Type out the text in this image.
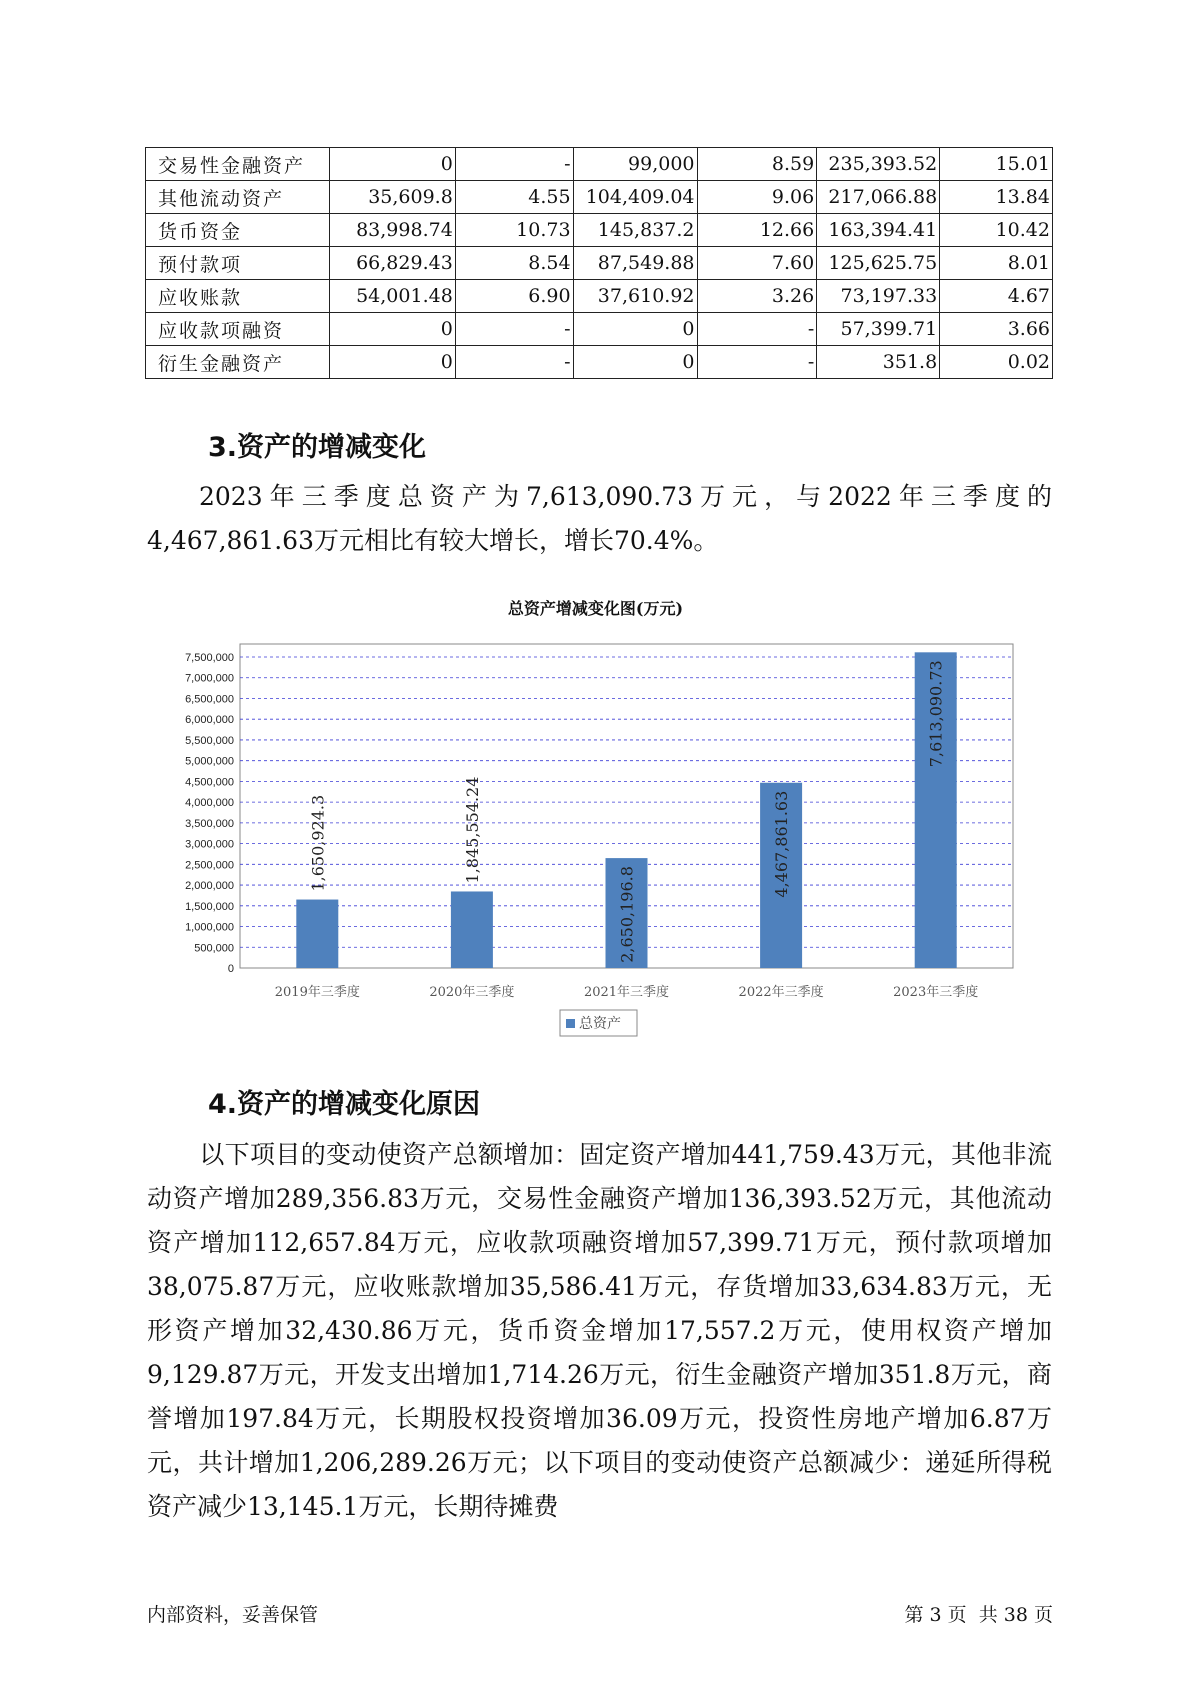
交易性金融资产	0	-	99,000	8.59	235,393.52	15.01
其他流动资产	35,609.8	4.55	104,409.04	9.06	217,066.88	13.84
货币资金	83,998.74	10.73	145,837.2	12.66	163,394.41	10.42
预付款项	66,829.43	8.54	87,549.88	7.60	125,625.75	8.01
应收账款	54,001.48	6.90	37,610.92	3.26	73,197.33	4.67
应收款项融资	0	-	0	-	57,399.71	3.66
衍生金融资产	0	-	0	-	351.8	0.02
3.资产的增减变化
2023年三季度总资产为7,613,090.73万元，与2022年三季度的4,467,861.63万元相比有较大增长，增长70.4%。
总资产增减变化图(万元)
0
500,000
1,000,000
1,500,000
2,000,000
2,500,000
3,000,000
3,500,000
4,000,000
4,500,000
5,000,000
5,500,000
6,000,000
6,500,000
7,000,000
7,500,000
1,650,924.3	1,845,554.24
2,650,196.8
4,467,861.63
7,613,090.73
2019年三季度	2020年三季度	2021年三季度	2022年三季度	2023年三季度
总资产
4.资产的增减变化原因
以下项目的变动使资产总额增加：固定资产增加441,759.43万元，其他非流动资产增加289,356.83万元，交易性金融资产增加136,393.52万元，其他流动资产增加112,657.84万元，应收款项融资增加57,399.71万元，预付款项增加38,075.87万元，应收账款增加35,586.41万元，存货增加33,634.83万元，无形资产增加32,430.86万元，货币资金增加17,557.2万元，使用权资产增加9,129.87万元，开发支出增加1,714.26万元，衍生金融资产增加351.8万元，商誉增加197.84万元，长期股权投资增加36.09万元，投资性房地产增加6.87万元，共计增加1,206,289.26万元；以下项目的变动使资产总额减少：递延所得税资产减少13,145.1万元，长期待摊费
内部资料，妥善保管	第 3 页  共 38 页
